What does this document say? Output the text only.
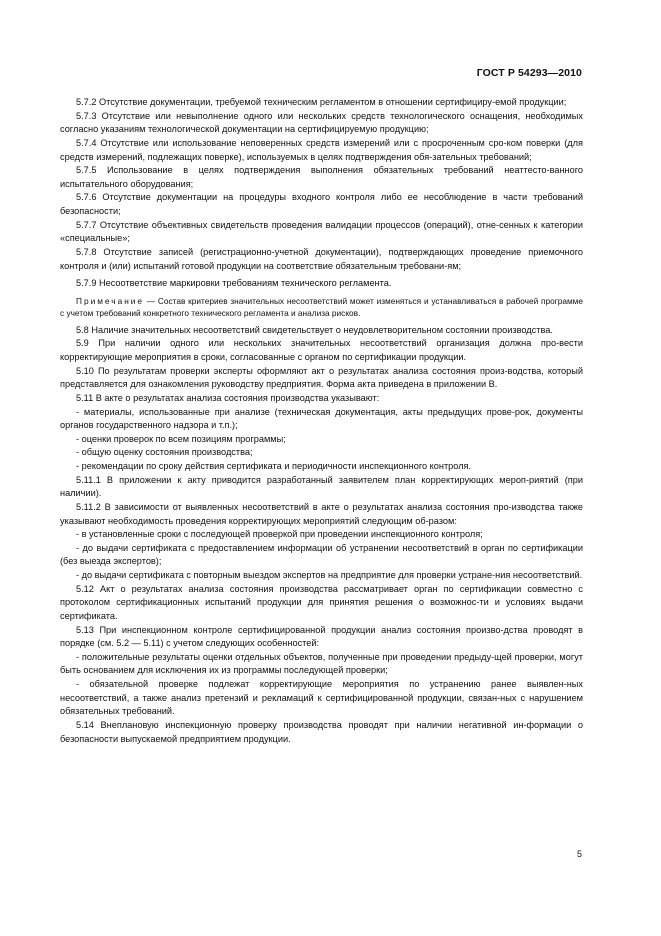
ГОСТ Р 54293—2010

5.7.2 Отсутствие документации, требуемой техническим регламентом в отношении сертифициру-емой продукции;

5.7.3 Отсутствие или невыполнение одного или нескольких средств технологического оснащения, необходимых согласно указаниям технологической документации на сертифицируемую продукцию;

5.7.4 Отсутствие или использование неповеренных средств измерений или с просроченным сро-ком поверки (для средств измерений, подлежащих поверке), используемых в целях подтверждения обя-зательных требований;

5.7.5 Использование в целях подтверждения выполнения обязательных требований неаттесто-ванного испытательного оборудования;

5.7.6 Отсутствие документации на процедуры входного контроля либо ее несоблюдение в части требований безопасности;

5.7.7 Отсутствие объективных свидетельств проведения валидации процессов (операций), отне-сенных к категории «специальные»;

5.7.8 Отсутствие записей (регистрационно-учетной документации), подтверждающих проведение приемочного контроля и (или) испытаний готовой продукции на соответствие обязательным требовани-ям;

5.7.9 Несоответствие маркировки требованиям технического регламента.

Примечание — Состав критериев значительных несоответствий может изменяться и устанавливаться в рабочей программе с учетом требований конкретного технического регламента и анализа рисков.

5.8 Наличие значительных несоответствий свидетельствует о неудовлетворительном состоянии производства.

5.9 При наличии одного или нескольких значительных несоответствий организация должна про-вести корректирующие мероприятия в сроки, согласованные с органом по сертификации продукции.

5.10 По результатам проверки эксперты оформляют акт о результатах анализа состояния произ-водства, который представляется для ознакомления руководству предприятия. Форма акта приведена в приложении В.

5.11 В акте о результатах анализа состояния производства указывают:

- материалы, использованные при анализе (техническая документация, акты предыдущих прове-рок, документы органов государственного надзора и т.п.);

- оценки проверок по всем позициям программы;

- общую оценку состояния производства;

- рекомендации по сроку действия сертификата и периодичности инспекционного контроля.

5.11.1 В приложении к акту приводится разработанный заявителем план корректирующих мероп-риятий (при наличии).

5.11.2 В зависимости от выявленных несоответствий в акте о результатах анализа состояния про-изводства также указывают необходимость проведения корректирующих мероприятий следующим об-разом:

- в установленные сроки с последующей проверкой при проведении инспекционного контроля;

- до выдачи сертификата с предоставлением информации об устранении несоответствий в орган по сертификации (без выезда экспертов);

- до выдачи сертификата с повторным выездом экспертов на предприятие для проверки устране-ния несоответствий.

5.12 Акт о результатах анализа состояния производства рассматривает орган по сертификации совместно с протоколом сертификационных испытаний продукции для принятия решения о возможнос-ти и условиях выдачи сертификата.

5.13 При инспекционном контроле сертифицированной продукции анализ состояния произво-дства проводят в порядке (см. 5.2 — 5.11) с учетом следующих особенностей:

- положительные результаты оценки отдельных объектов, полученные при проведении предыду-щей проверки, могут быть основанием для исключения их из программы последующей проверки;

- обязательной проверке подлежат корректирующие мероприятия по устранению ранее выявлен-ных несоответствий, а также анализ претензий и рекламаций к сертифицированной продукции, связан-ных с нарушением обязательных требований.

5.14 Внеплановую инспекционную проверку производства проводят при наличии негативной ин-формации о безопасности выпускаемой предприятием продукции.

5
